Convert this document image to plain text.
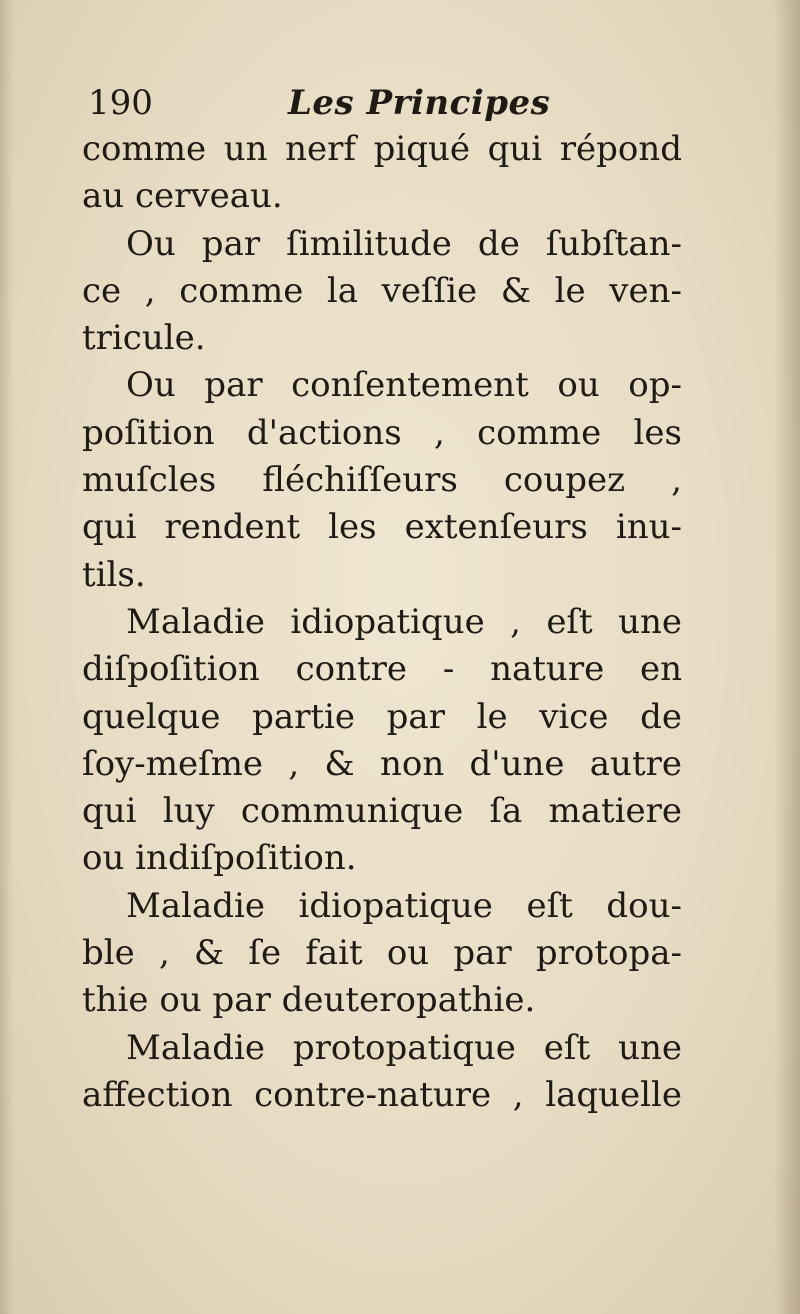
190	Les Principes
comme un nerf piqué qui répond
au cerveau.
Ou par ſimilitude de ſubſtan-
ce , comme la veſſie & le ven-
tricule.
Ou par conſentement ou op-
poſition d'actions , comme les
muſcles fléchiſſeurs coupez ,
qui rendent les extenſeurs inu-
tils.
Maladie idiopatique , eſt une
diſpoſition contre - nature en
quelque partie par le vice de
ſoy-meſme , & non d'une autre
qui luy communique ſa matiere
ou indiſpoſition.
Maladie idiopatique eſt dou-
ble , & ſe fait ou par protopa-
thie ou par deuteropathie.
Maladie protopatique eſt une
affection contre-nature , laquelle
